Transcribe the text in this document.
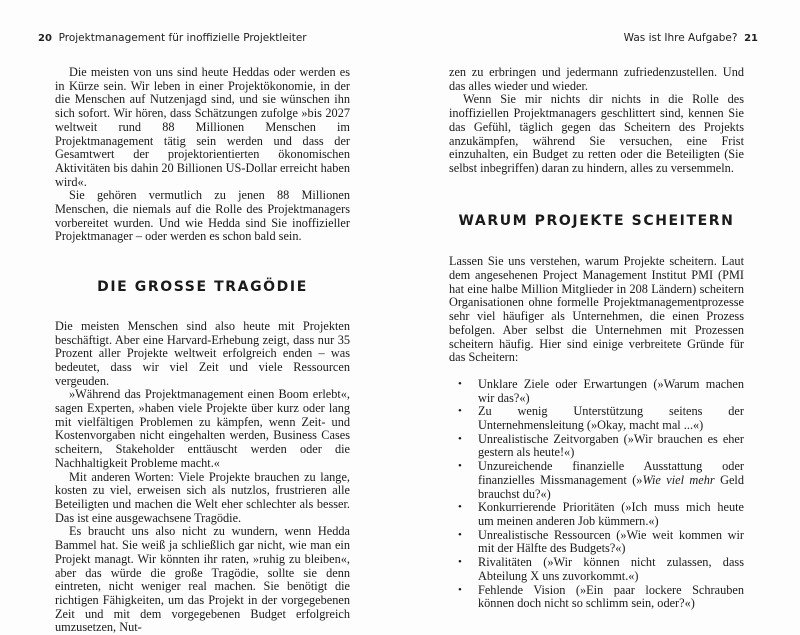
20 Projektmanagement für inoffizielle Projektleiter

Die meisten von uns sind heute Heddas oder werden es in Kürze sein. Wir leben in einer Projektökonomie, in der die Menschen auf Nutzenjagd sind, und sie wünschen ihn sich sofort. Wir hören, dass Schätzungen zufolge »bis 2027 weltweit rund 88 Millionen Menschen im Projektmanagement tätig sein werden und dass der Gesamtwert der projektorientierten ökonomischen Aktivitäten bis dahin 20 Billionen US-Dollar erreicht haben wird«.

Sie gehören vermutlich zu jenen 88 Millionen Menschen, die niemals auf die Rolle des Projektmanagers vorbereitet wurden. Und wie Hedda sind Sie inoffizieller Projektmanager – oder werden es schon bald sein.

DIE GROSSE TRAGÖDIE

Die meisten Menschen sind also heute mit Projekten beschäftigt. Aber eine Harvard-Erhebung zeigt, dass nur 35 Prozent aller Projekte weltweit erfolgreich enden – was bedeutet, dass wir viel Zeit und viele Ressourcen vergeuden.

»Während das Projektmanagement einen Boom erlebt«, sagen Experten, »haben viele Projekte über kurz oder lang mit vielfältigen Problemen zu kämpfen, wenn Zeit- und Kostenvorgaben nicht eingehalten werden, Business Cases scheitern, Stakeholder enttäuscht werden oder die Nachhaltigkeit Probleme macht.«

Mit anderen Worten: Viele Projekte brauchen zu lange, kosten zu viel, erweisen sich als nutzlos, frustrieren alle Beteiligten und machen die Welt eher schlechter als besser. Das ist eine ausgewachsene Tragödie.

Es braucht uns also nicht zu wundern, wenn Hedda Bammel hat. Sie weiß ja schließlich gar nicht, wie man ein Projekt managt. Wir könnten ihr raten, »ruhig zu bleiben«, aber das würde die große Tragödie, sollte sie denn eintreten, nicht weniger real machen. Sie benötigt die richtigen Fähigkeiten, um das Projekt in der vorgegebenen Zeit und mit dem vorgegebenen Budget erfolgreich umzusetzen, Nut-

Was ist Ihre Aufgabe? 21

zen zu erbringen und jedermann zufriedenzustellen. Und das alles wieder und wieder.

Wenn Sie mir nichts dir nichts in die Rolle des inoffiziellen Projektmanagers geschlittert sind, kennen Sie das Gefühl, täglich gegen das Scheitern des Projekts anzukämpfen, während Sie versuchen, eine Frist einzuhalten, ein Budget zu retten oder die Beteiligten (Sie selbst inbegriffen) daran zu hindern, alles zu versemmeln.

WARUM PROJEKTE SCHEITERN

Lassen Sie uns verstehen, warum Projekte scheitern. Laut dem angesehenen Project Management Institut PMI (PMI hat eine halbe Million Mitglieder in 208 Ländern) scheitern Organisationen ohne formelle Projektmanagementprozesse sehr viel häufiger als Unternehmen, die einen Prozess befolgen. Aber selbst die Unternehmen mit Prozessen scheitern häufig. Hier sind einige verbreitete Gründe für das Scheitern:

• Unklare Ziele oder Erwartungen (»Warum machen wir das?«)
• Zu wenig Unterstützung seitens der Unternehmensleitung (»Okay, macht mal ...«)
• Unrealistische Zeitvorgaben (»Wir brauchen es eher gestern als heute!«)
• Unzureichende finanzielle Ausstattung oder finanzielles Missmanagement (»Wie viel mehr Geld brauchst du?«)
• Konkurrierende Prioritäten (»Ich muss mich heute um meinen anderen Job kümmern.«)
• Unrealistische Ressourcen (»Wie weit kommen wir mit der Hälfte des Budgets?«)
• Rivalitäten (»Wir können nicht zulassen, dass Abteilung X uns zuvorkommt.«)
• Fehlende Vision (»Ein paar lockere Schrauben können doch nicht so schlimm sein, oder?«)
